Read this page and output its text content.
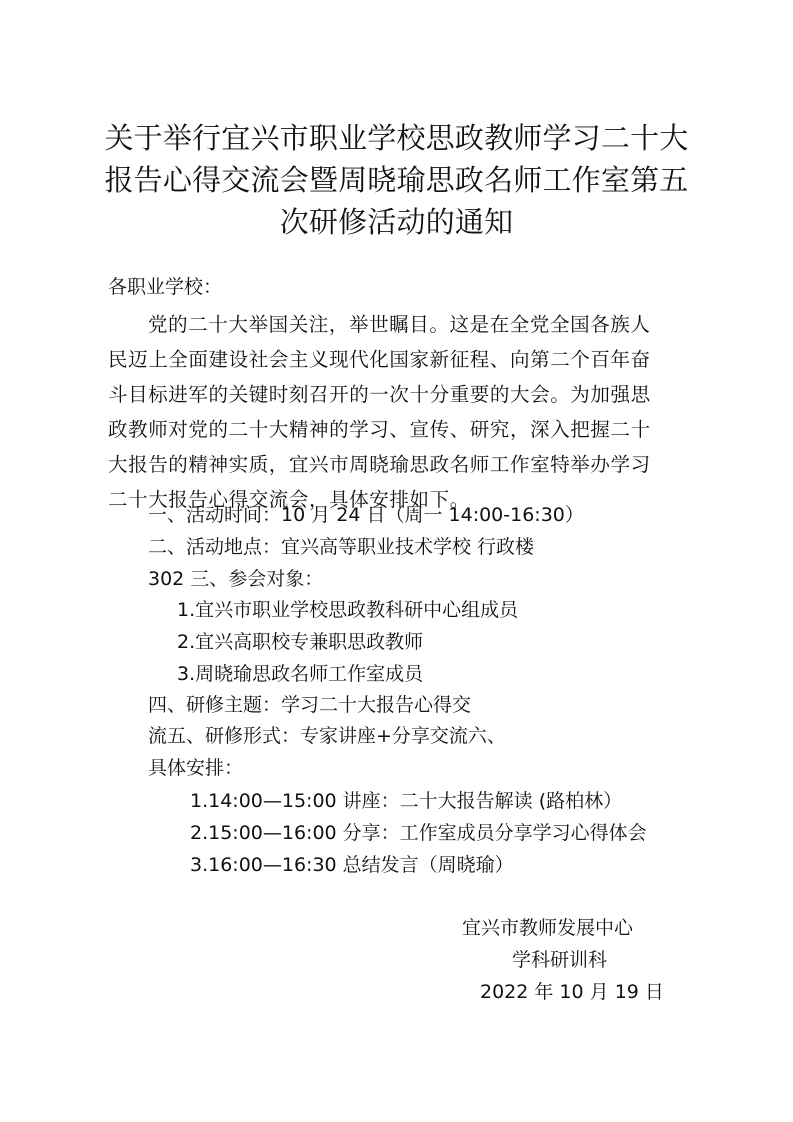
关于举行宜兴市职业学校思政教师学习二十大
报告心得交流会暨周晓瑜思政名师工作室第五
次研修活动的通知
各职业学校：
党的二十大举国关注，举世瞩目。这是在全党全国各族人
民迈上全面建设社会主义现代化国家新征程、向第二个百年奋
斗目标进军的关键时刻召开的一次十分重要的大会。为加强思
政教师对党的二十大精神的学习、宣传、研究，深入把握二十
大报告的精神实质，宜兴市周晓瑜思政名师工作室特举办学习
二十大报告心得交流会，具体安排如下。
一、活动时间：10 月 24 日（周一 14:00-16:30）
二、活动地点：宜兴高等职业技术学校 行政楼
302 三、参会对象：
1.宜兴市职业学校思政教科研中心组成员
2.宜兴高职校专兼职思政教师
3.周晓瑜思政名师工作室成员
四、研修主题：学习二十大报告心得交
流五、研修形式：专家讲座+分享交流六、
具体安排：
1.14:00—15:00 讲座：二十大报告解读 (路柏林）
2.15:00—16:00 分享：工作室成员分享学习心得体会
3.16:00—16:30 总结发言（周晓瑜）
宜兴市教师发展中心
学科研训科
2022 年 10 月 19 日
